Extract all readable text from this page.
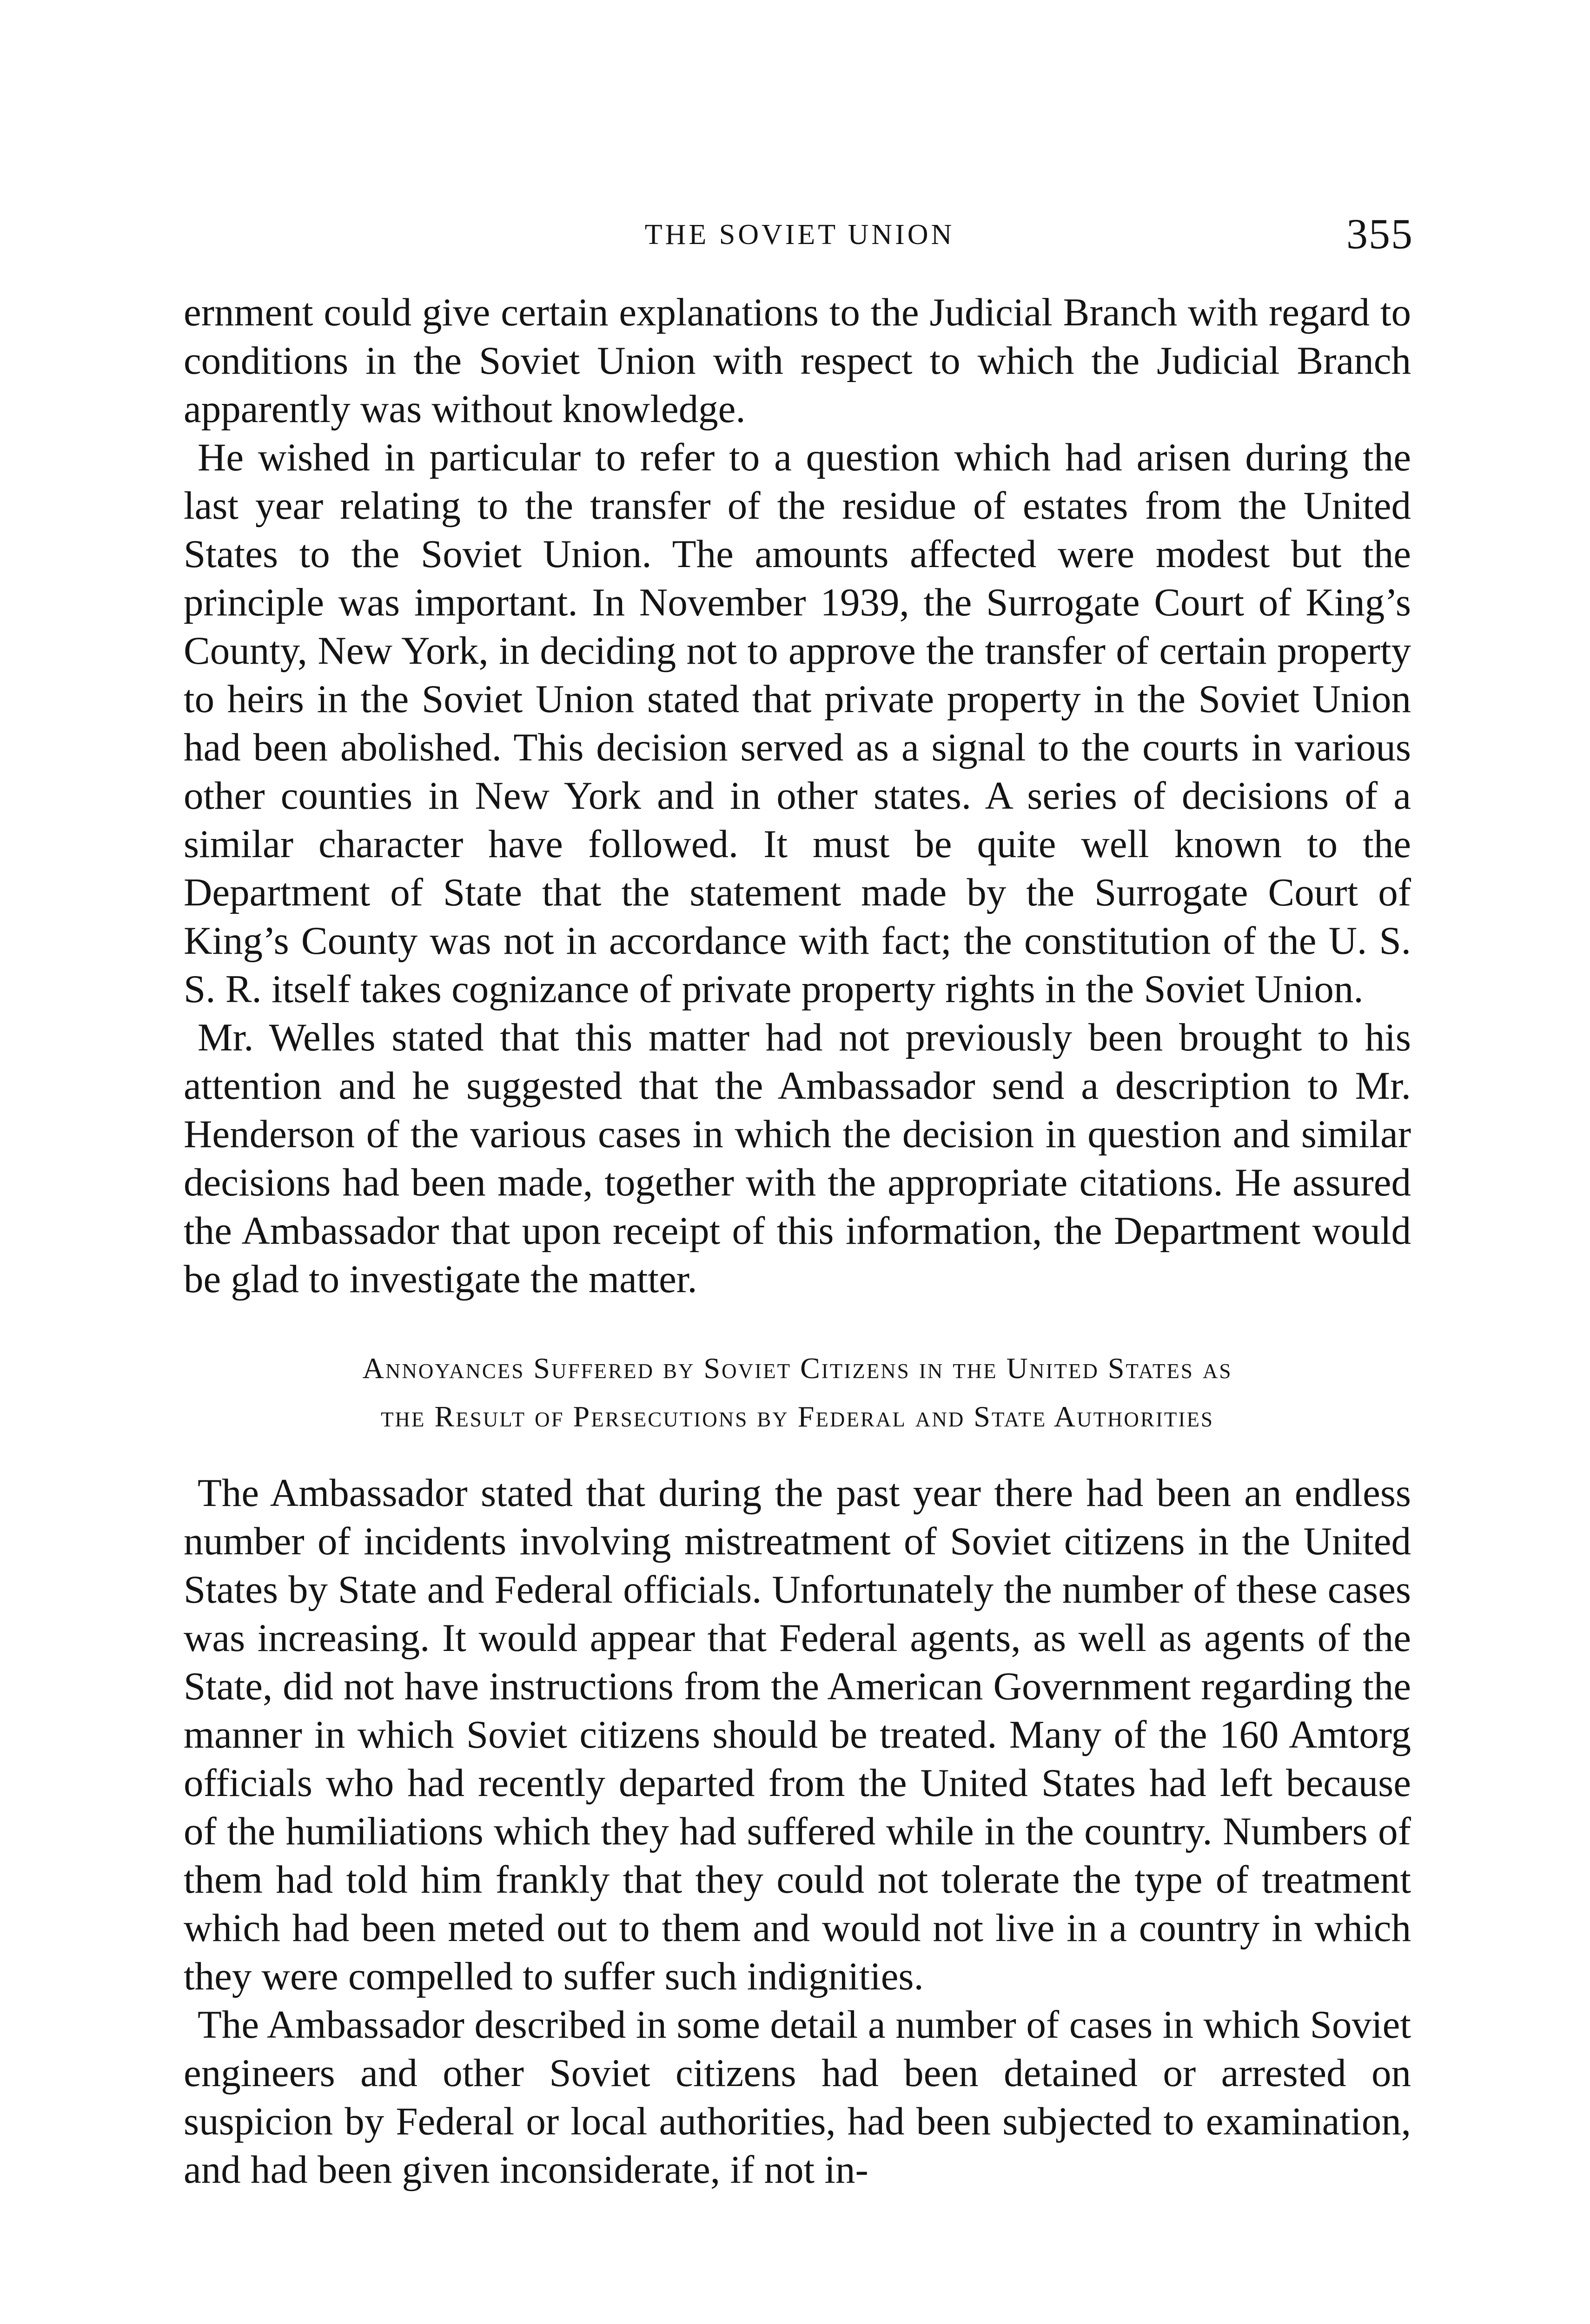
THE SOVIET UNION	355

ernment could give certain explanations to the Judicial Branch with regard to conditions in the Soviet Union with respect to which the Judicial Branch apparently was without knowledge.

He wished in particular to refer to a question which had arisen during the last year relating to the transfer of the residue of estates from the United States to the Soviet Union. The amounts affected were modest but the principle was important. In November 1939, the Surrogate Court of King’s County, New York, in deciding not to approve the transfer of certain property to heirs in the Soviet Union stated that private property in the Soviet Union had been abolished. This decision served as a signal to the courts in various other counties in New York and in other states. A series of decisions of a similar character have followed. It must be quite well known to the Department of State that the statement made by the Surrogate Court of King’s County was not in accordance with fact; the constitution of the U. S. S. R. itself takes cognizance of private property rights in the Soviet Union.

Mr. Welles stated that this matter had not previously been brought to his attention and he suggested that the Ambassador send a description to Mr. Henderson of the various cases in which the decision in question and similar decisions had been made, together with the appropriate citations. He assured the Ambassador that upon receipt of this information, the Department would be glad to investigate the matter.

Annoyances Suffered by Soviet Citizens in the United States as
the Result of Persecutions by Federal and State Authorities

The Ambassador stated that during the past year there had been an endless number of incidents involving mistreatment of Soviet citizens in the United States by State and Federal officials. Unfortunately the number of these cases was increasing. It would appear that Federal agents, as well as agents of the State, did not have instructions from the American Government regarding the manner in which Soviet citizens should be treated. Many of the 160 Amtorg officials who had recently departed from the United States had left because of the humiliations which they had suffered while in the country. Numbers of them had told him frankly that they could not tolerate the type of treatment which had been meted out to them and would not live in a country in which they were compelled to suffer such indignities.

The Ambassador described in some detail a number of cases in which Soviet engineers and other Soviet citizens had been detained or arrested on suspicion by Federal or local authorities, had been subjected to examination, and had been given inconsiderate, if not in-
